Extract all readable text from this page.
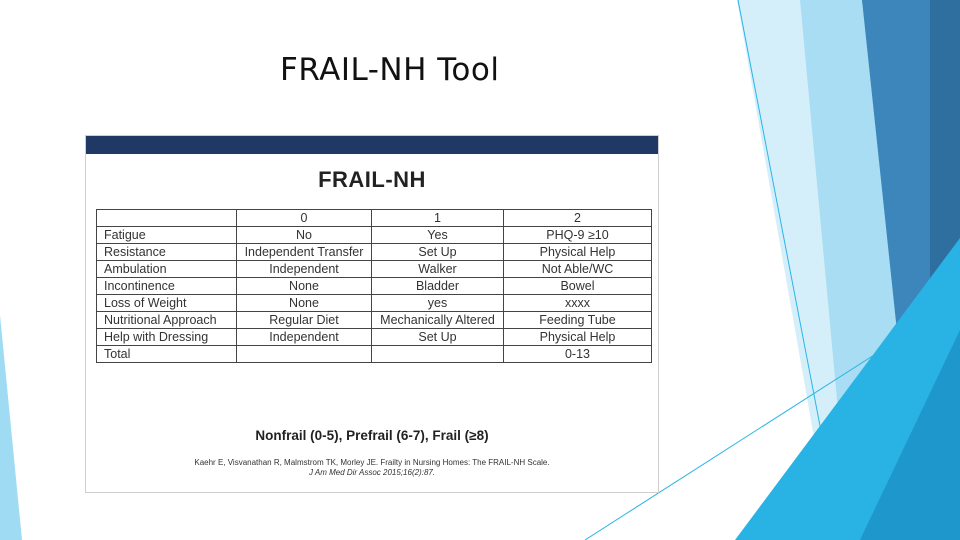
FRAIL-NH Tool
FRAIL-NH
	0	1	2
Fatigue	No	Yes	PHQ-9 ≥10
Resistance	Independent Transfer	Set Up	Physical Help
Ambulation	Independent	Walker	Not Able/WC
Incontinence	None	Bladder	Bowel
Loss of Weight	None	yes	xxxx
Nutritional Approach	Regular Diet	Mechanically Altered	Feeding Tube
Help with Dressing	Independent	Set Up	Physical Help
Total			0-13
Nonfrail (0-5), Prefrail (6-7), Frail (≥8)
Kaehr E, Visvanathan R, Malmstrom TK, Morley JE. Frailty in Nursing Homes: The FRAIL-NH Scale.
J Am Med Dir Assoc 2015;16(2):87.
